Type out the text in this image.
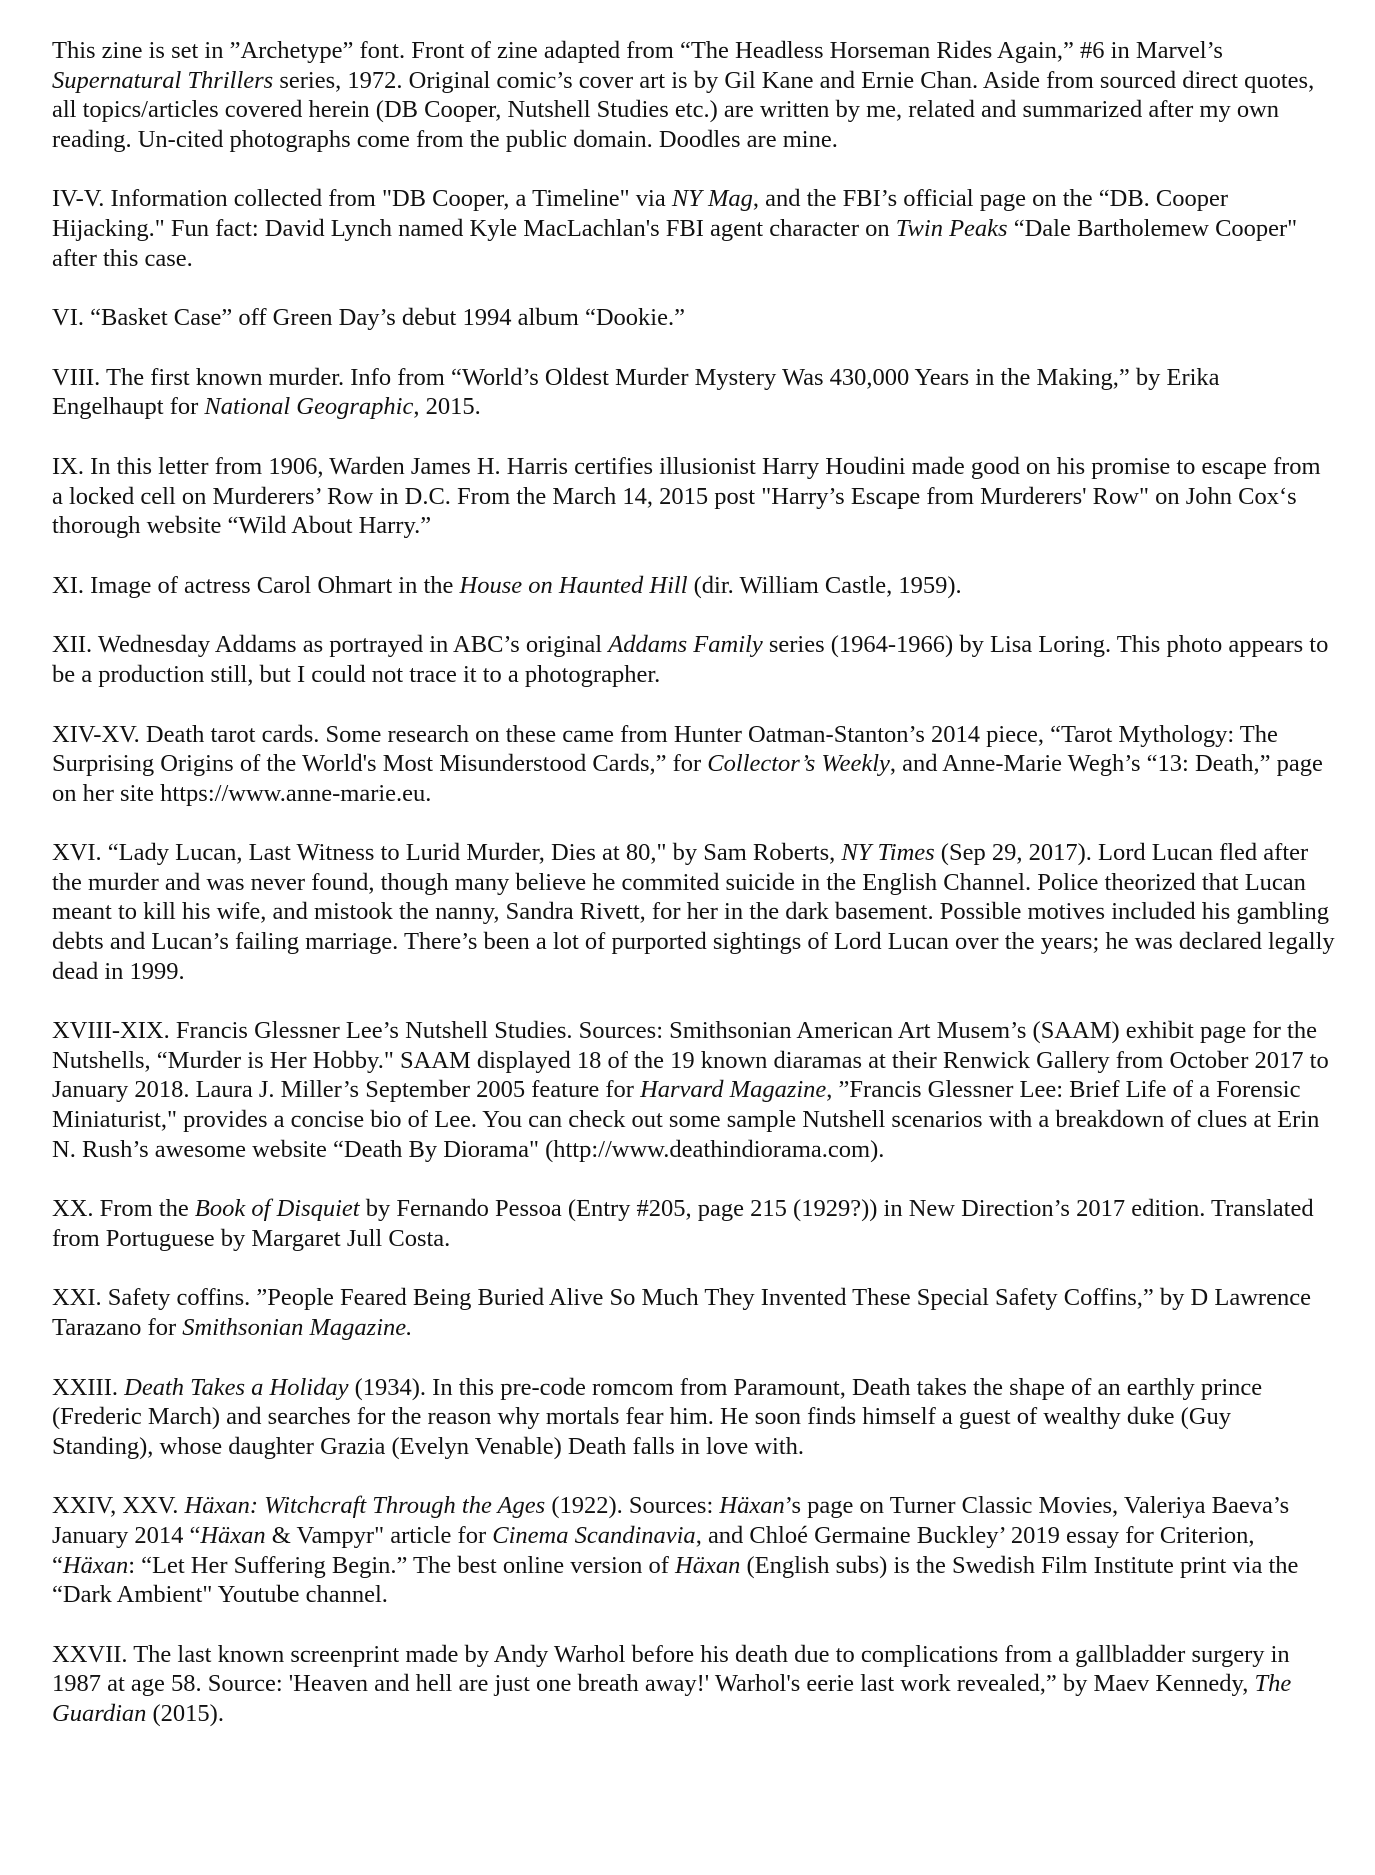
This zine is set in ”Archetype” font. Front of zine adapted from “The Headless Horseman Rides Again,” #6 in Marvel’s Supernatural Thrillers series, 1972. Original comic’s cover art is by Gil Kane and Ernie Chan. Aside from sourced direct quotes, all topics/articles covered herein (DB Cooper, Nutshell Studies etc.) are written by me, related and summarized after my own reading. Un-cited photographs come from the public domain. Doodles are mine.

IV-V. Information collected from "DB Cooper, a Timeline" via NY Mag, and the FBI’s official page on the “DB. Cooper Hijacking." Fun fact: David Lynch named Kyle MacLachlan's FBI agent character on Twin Peaks “Dale Bartholemew Cooper" after this case.

VI. “Basket Case” off Green Day’s debut 1994 album “Dookie.”

VIII. The first known murder. Info from “World’s Oldest Murder Mystery Was 430,000 Years in the Making,” by Erika Engelhaupt for National Geographic, 2015.

IX. In this letter from 1906, Warden James H. Harris certifies illusionist Harry Houdini made good on his promise to escape from a locked cell on Murderers’ Row in D.C. From the March 14, 2015 post "Harry’s Escape from Murderers' Row" on John Cox‘s thorough website “Wild About Harry.”

XI. Image of actress Carol Ohmart in the House on Haunted Hill (dir. William Castle, 1959).

XII. Wednesday Addams as portrayed in ABC’s original Addams Family series (1964-1966) by Lisa Loring. This photo appears to be a production still, but I could not trace it to a photographer.

XIV-XV. Death tarot cards. Some research on these came from Hunter Oatman-Stanton’s 2014 piece, “Tarot Mythology: The Surprising Origins of the World's Most Misunderstood Cards,” for Collector’s Weekly, and Anne-Marie Wegh’s “13: Death,” page on her site https://www.anne-marie.eu.

XVI. “Lady Lucan, Last Witness to Lurid Murder, Dies at 80," by Sam Roberts, NY Times (Sep 29, 2017). Lord Lucan fled after the murder and was never found, though many believe he commited suicide in the English Channel. Police theorized that Lucan meant to kill his wife, and mistook the nanny, Sandra Rivett, for her in the dark basement. Possible motives included his gambling debts and Lucan’s failing marriage. There’s been a lot of purported sightings of Lord Lucan over the years; he was declared legally dead in 1999.

XVIII-XIX. Francis Glessner Lee’s Nutshell Studies. Sources: Smithsonian American Art Musem’s (SAAM) exhibit page for the Nutshells, “Murder is Her Hobby." SAAM displayed 18 of the 19 known diaramas at their Renwick Gallery from October 2017 to January 2018. Laura J. Miller’s September 2005 feature for Harvard Magazine, ”Francis Glessner Lee: Brief Life of a Forensic Miniaturist," provides a concise bio of Lee. You can check out some sample Nutshell scenarios with a breakdown of clues at Erin N. Rush’s awesome website “Death By Diorama" (http://www.deathindiorama.com).

XX. From the Book of Disquiet by Fernando Pessoa (Entry #205, page 215 (1929?)) in New Direction’s 2017 edition. Translated from Portuguese by Margaret Jull Costa.

XXI. Safety coffins. ”People Feared Being Buried Alive So Much They Invented These Special Safety Coffins,” by D Lawrence Tarazano for Smithsonian Magazine.

XXIII. Death Takes a Holiday (1934). In this pre-code romcom from Paramount, Death takes the shape of an earthly prince (Frederic March) and searches for the reason why mortals fear him. He soon finds himself a guest of wealthy duke (Guy Standing), whose daughter Grazia (Evelyn Venable) Death falls in love with.

XXIV, XXV. Häxan: Witchcraft Through the Ages (1922). Sources: Häxan’s page on Turner Classic Movies, Valeriya Baeva’s January 2014 “Häxan & Vampyr" article for Cinema Scandinavia, and Chloé Germaine Buckley’ 2019 essay for Criterion, “Häxan: “Let Her Suffering Begin.” The best online version of Häxan (English subs) is the Swedish Film Institute print via the “Dark Ambient" Youtube channel.

XXVII. The last known screenprint made by Andy Warhol before his death due to complications from a gallbladder surgery in 1987 at age 58. Source: 'Heaven and hell are just one breath away!' Warhol's eerie last work revealed,” by Maev Kennedy, The Guardian (2015).
